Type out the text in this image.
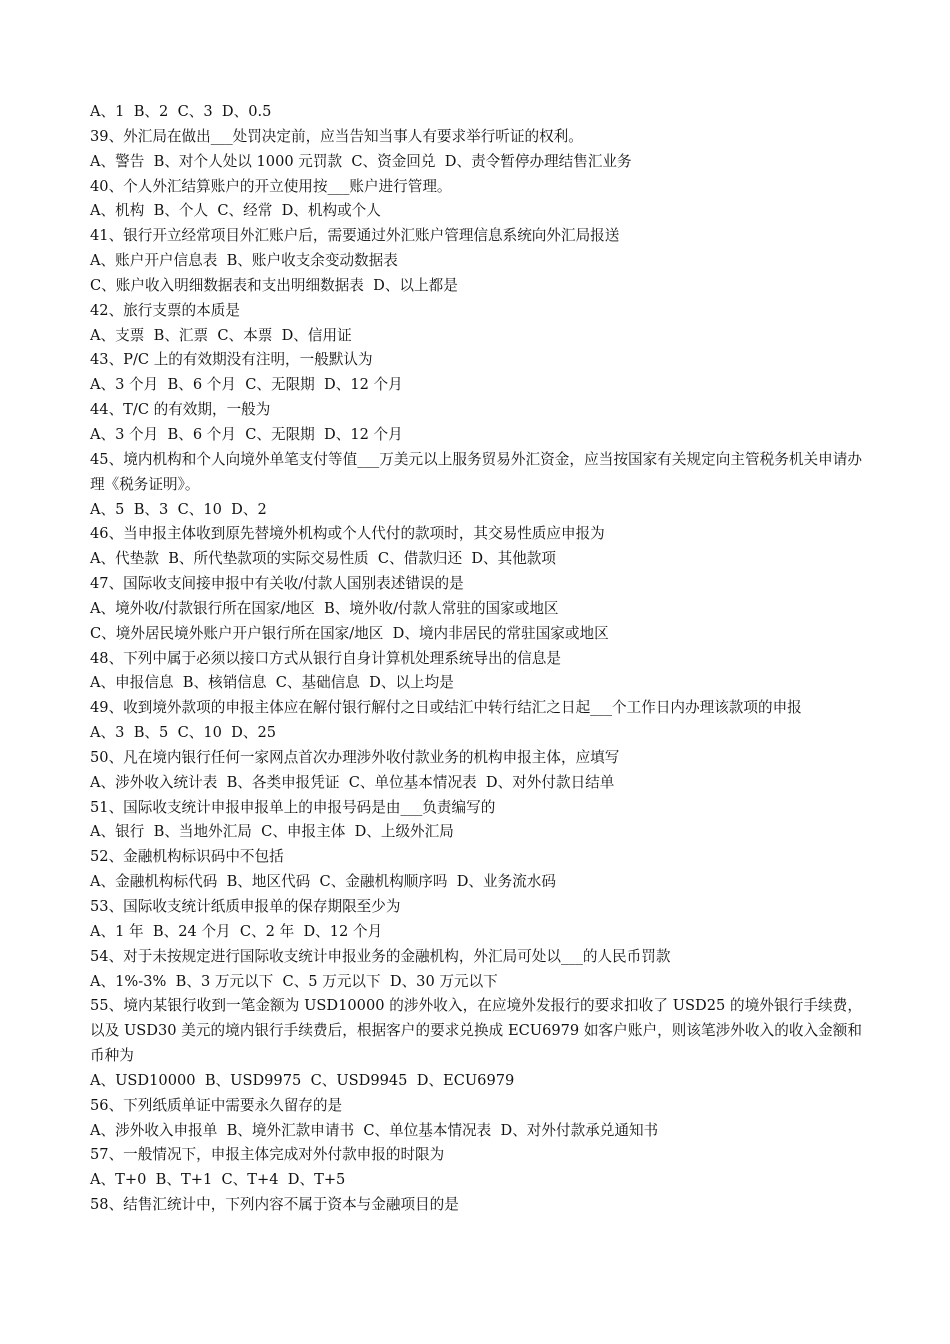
A、1  B、2  C、3  D、0.5

39、外汇局在做出___处罚决定前，应当告知当事人有要求举行听证的权利。

A、警告  B、对个人处以 1000 元罚款  C、资金回兑  D、责令暂停办理结售汇业务

40、个人外汇结算账户的开立使用按___账户进行管理。

A、机构  B、个人  C、经常  D、机构或个人

41、银行开立经常项目外汇账户后，需要通过外汇账户管理信息系统向外汇局报送

A、账户开户信息表  B、账户收支余变动数据表

C、账户收入明细数据表和支出明细数据表  D、以上都是

42、旅行支票的本质是

A、支票  B、汇票  C、本票  D、信用证

43、P/C 上的有效期没有注明，一般默认为

A、3 个月  B、6 个月  C、无限期  D、12 个月

44、T/C 的有效期，一般为

A、3 个月  B、6 个月  C、无限期  D、12 个月

45、境内机构和个人向境外单笔支付等值___万美元以上服务贸易外汇资金，应当按国家有关规定向主管税务机关申请办理《税务证明》。

A、5  B、3  C、10  D、2

46、当申报主体收到原先替境外机构或个人代付的款项时，其交易性质应申报为

A、代垫款  B、所代垫款项的实际交易性质  C、借款归还  D、其他款项

47、国际收支间接申报中有关收/付款人国别表述错误的是

A、境外收/付款银行所在国家/地区  B、境外收/付款人常驻的国家或地区

C、境外居民境外账户开户银行所在国家/地区  D、境内非居民的常驻国家或地区

48、下列中属于必须以接口方式从银行自身计算机处理系统导出的信息是

A、申报信息  B、核销信息  C、基础信息  D、以上均是

49、收到境外款项的申报主体应在解付银行解付之日或结汇中转行结汇之日起___个工作日内办理该款项的申报

A、3  B、5  C、10  D、25

50、凡在境内银行任何一家网点首次办理涉外收付款业务的机构申报主体，应填写

A、涉外收入统计表  B、各类申报凭证  C、单位基本情况表  D、对外付款日结单

51、国际收支统计申报申报单上的申报号码是由___负责编写的

A、银行  B、当地外汇局  C、申报主体  D、上级外汇局

52、金融机构标识码中不包括

A、金融机构标代码  B、地区代码  C、金融机构顺序吗  D、业务流水码

53、国际收支统计纸质申报单的保存期限至少为

A、1 年  B、24 个月  C、2 年  D、12 个月

54、对于未按规定进行国际收支统计申报业务的金融机构，外汇局可处以___的人民币罚款

A、1%-3%  B、3 万元以下  C、5 万元以下  D、30 万元以下

55、境内某银行收到一笔金额为 USD10000 的涉外收入，在应境外发报行的要求扣收了 USD25 的境外银行手续费，以及 USD30 美元的境内银行手续费后，根据客户的要求兑换成 ECU6979 如客户账户，则该笔涉外收入的收入金额和币种为

A、USD10000  B、USD9975  C、USD9945  D、ECU6979

56、下列纸质单证中需要永久留存的是

A、涉外收入申报单  B、境外汇款申请书  C、单位基本情况表  D、对外付款承兑通知书

57、一般情况下，申报主体完成对外付款申报的时限为

A、T+0  B、T+1  C、T+4  D、T+5

58、结售汇统计中，下列内容不属于资本与金融项目的是
